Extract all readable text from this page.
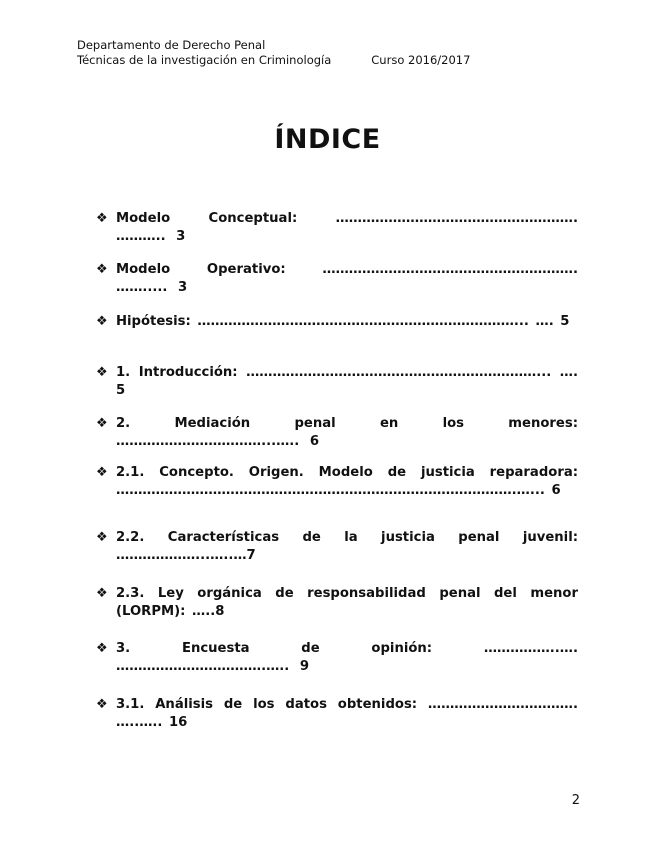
Departamento de Derecho Penal
Técnicas de la investigación en Criminología	Curso 2016/2017
ÍNDICE
❖ Modelo Conceptual: ………………………………………………. ……….. 3
❖ Modelo Operativo: …………………………………………………. ……..... 3
❖ Hipótesis: ………………………………………………………………... …. 5
❖ 1. Introducción: …………………………………………………………... …. 5
❖ 2. Mediación penal en los menores: ……………………………...….. 6
❖ 2.1. Concepto. Origen. Modelo de justicia reparadora: ……………………………………………………………………………….…... 6
❖ 2.2. Características de la justicia penal juvenil: ………………...…..…7
❖ 2.3. Ley orgánica de responsabilidad penal del menor (LORPM): …..8
❖ 3. Encuesta de opinión: ……………..…. …………………………….….. 9
❖ 3.1. Análisis de los datos obtenidos: ……………………………. …..….. 16
2
